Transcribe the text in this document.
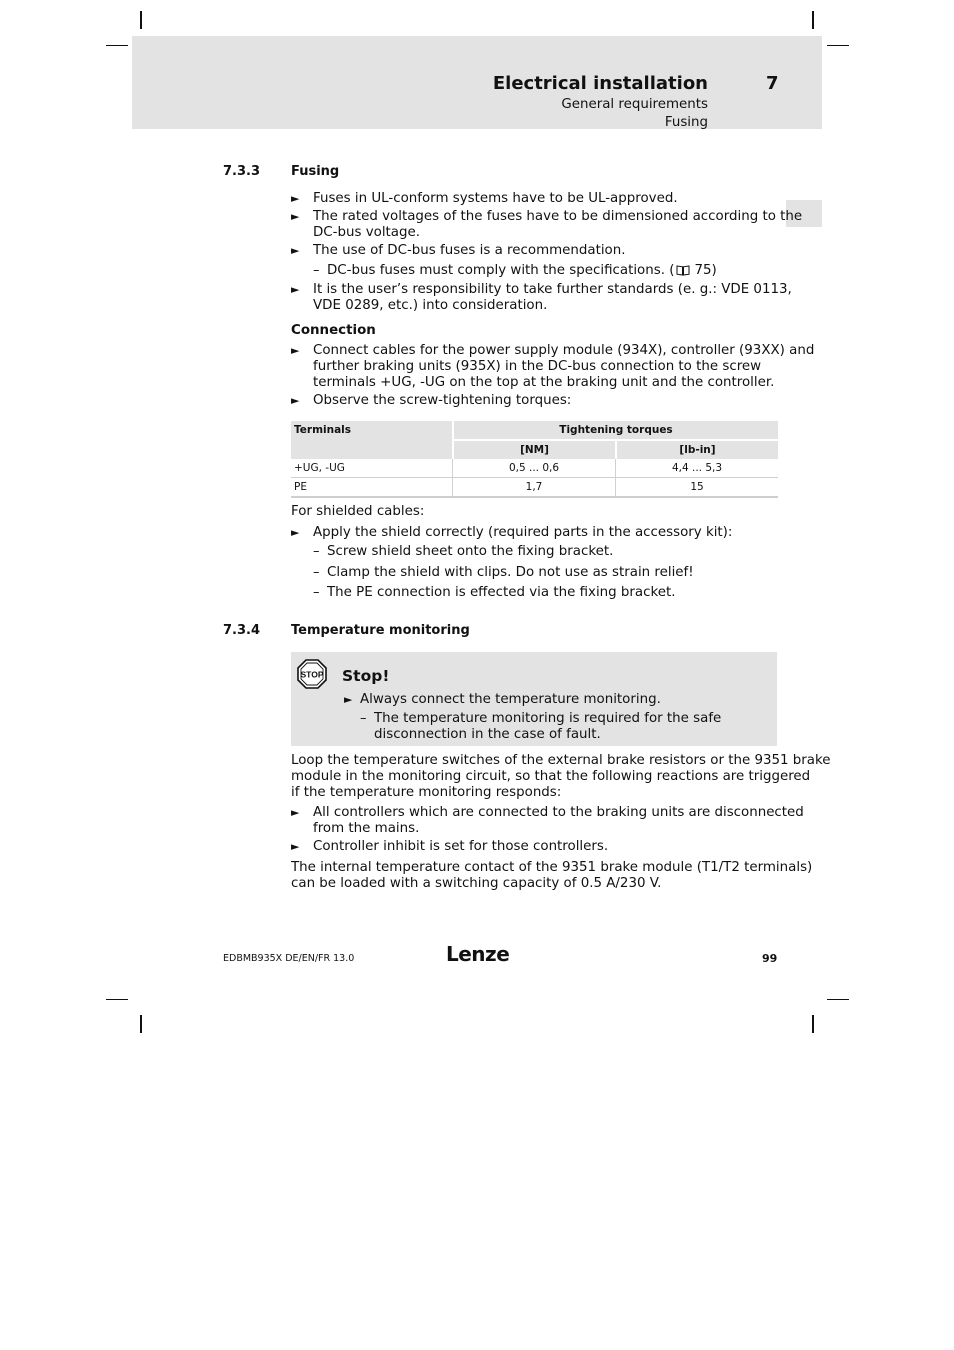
Electrical installation	7
General requirements
Fusing
7.3.3 Fusing
► Fuses in UL-conform systems have to be UL-approved.
► The rated voltages of the fuses have to be dimensioned according to the
DC-bus voltage.
► The use of DC-bus fuses is a recommendation.
– DC-bus fuses must comply with the specifications. ( 75)
► It is the user’s responsibility to take further standards (e. g.: VDE 0113,
VDE 0289, etc.) into consideration.
Connection
► Connect cables for the power supply module (934X), controller (93XX) and
further braking units (935X) in the DC-bus connection to the screw
terminals +UG, -UG on the top at the braking unit and the controller.
► Observe the screw-tightening torques:
Terminals	Tightening torques	
	[NM]	[lb-in]
+UG, -UG	0,5 ... 0,6	4,4 ... 5,3
PE	1,7	15
For shielded cables:
► Apply the shield correctly (required parts in the accessory kit):
– Screw shield sheet onto the fixing bracket.
– Clamp the shield with clips. Do not use as strain relief!
– The PE connection is effected via the fixing bracket.
7.3.4 Temperature monitoring
STOP Stop!
► Always connect the temperature monitoring.
– The temperature monitoring is required for the safe
disconnection in the case of fault.
Loop the temperature switches of the external brake resistors or the 9351 brake
module in the monitoring circuit, so that the following reactions are triggered
if the temperature monitoring responds:
► All controllers which are connected to the braking units are disconnected
from the mains.
► Controller inhibit is set for those controllers.
The internal temperature contact of the 9351 brake module (T1/T2 terminals)
can be loaded with a switching capacity of 0.5 A/230 V.
EDBMB935X DE/EN/FR 13.0	Lenze	99
